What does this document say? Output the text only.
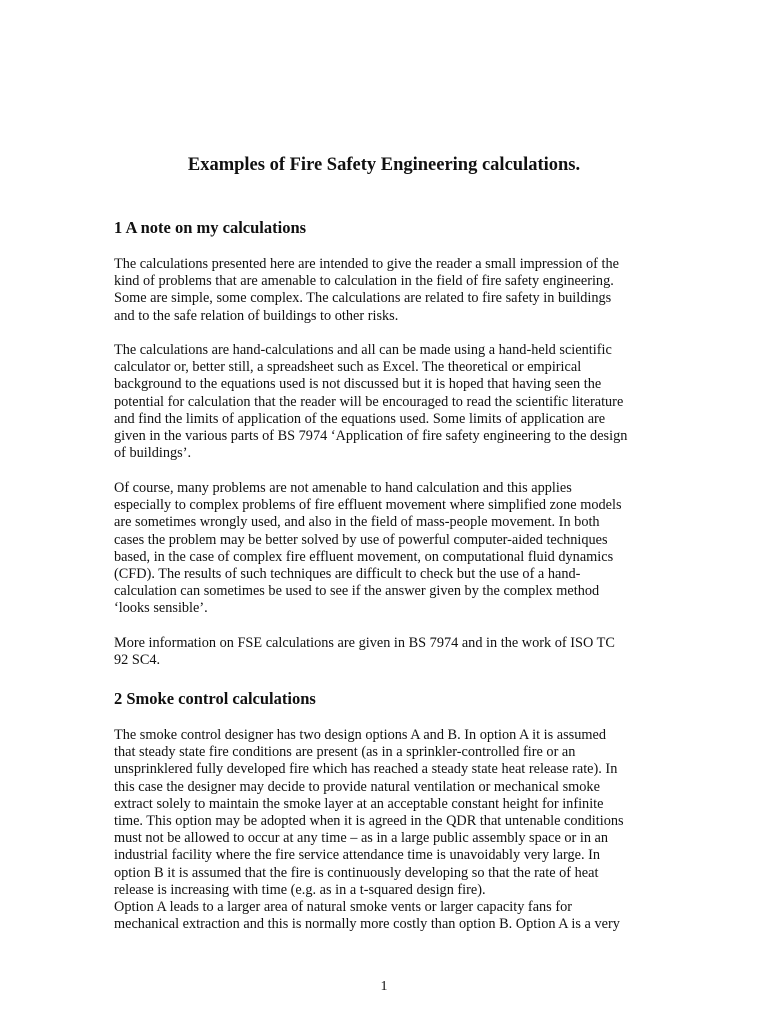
Examples of Fire Safety Engineering calculations.
1 A note on my calculations

The calculations presented here are intended to give the reader a small impression of the
kind of problems that are amenable to calculation in the field of fire safety engineering.
Some are simple, some complex. The calculations are related to fire safety in buildings
and to the safe relation of buildings to other risks.

The calculations are hand-calculations and all can be made using a hand-held scientific
calculator or, better still, a spreadsheet such as Excel. The theoretical or empirical
background to the equations used is not discussed but it is hoped that having seen the
potential for calculation that the reader will be encouraged to read the scientific literature
and find the limits of application of the equations used. Some limits of application are
given in the various parts of BS 7974 ‘Application of fire safety engineering to the design
of buildings’.

Of course, many problems are not amenable to hand calculation and this applies
especially to complex problems of fire effluent movement where simplified zone models
are sometimes wrongly used, and also in the field of mass-people movement. In both
cases the problem may be better solved by use of powerful computer-aided techniques
based, in the case of complex fire effluent movement, on computational fluid dynamics
(CFD). The results of such techniques are difficult to check but the use of a hand-
calculation can sometimes be used to see if the answer given by the complex method
‘looks sensible’.

More information on FSE calculations are given in BS 7974 and in the work of ISO TC
92 SC4.

2 Smoke control calculations

The smoke control designer has two design options A and B. In option A it is assumed
that steady state fire conditions are present (as in a sprinkler-controlled fire or an
unsprinklered fully developed fire which has reached a steady state heat release rate). In
this case the designer may decide to provide natural ventilation or mechanical smoke
extract solely to maintain the smoke layer at an acceptable constant height for infinite
time. This option may be adopted when it is agreed in the QDR that untenable conditions
must not be allowed to occur at any time – as in a large public assembly space or in an
industrial facility where the fire service attendance time is unavoidably very large. In
option B it is assumed that the fire is continuously developing so that the rate of heat
release is increasing with time (e.g. as in a t-squared design fire).
Option A leads to a larger area of natural smoke vents or larger capacity fans for
mechanical extraction and this is normally more costly than option B. Option A is a very

1
